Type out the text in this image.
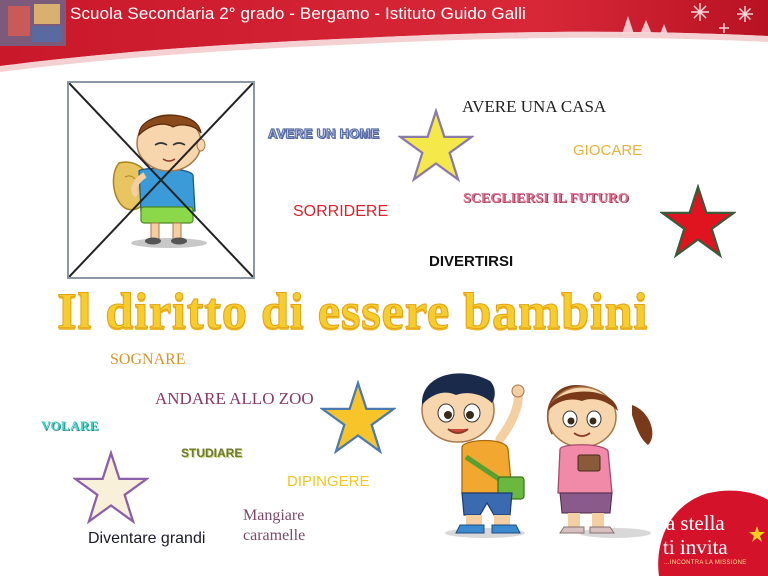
Scuola Secondaria 2° grado - Bergamo - Istituto Guido Galli
AVERE UNA CASA
AVERE UN HOME
GIOCARE
SCEGLIERSI IL FUTURO
SORRIDERE
DIVERTIRSI
Il diritto di essere bambini
SOGNARE
ANDARE ALLO ZOO
VOLARE
STUDIARE
DIPINGERE
Mangiare
caramelle
Diventare grandi
la stella
ti invita
...INCONTRA LA MISSIONE
